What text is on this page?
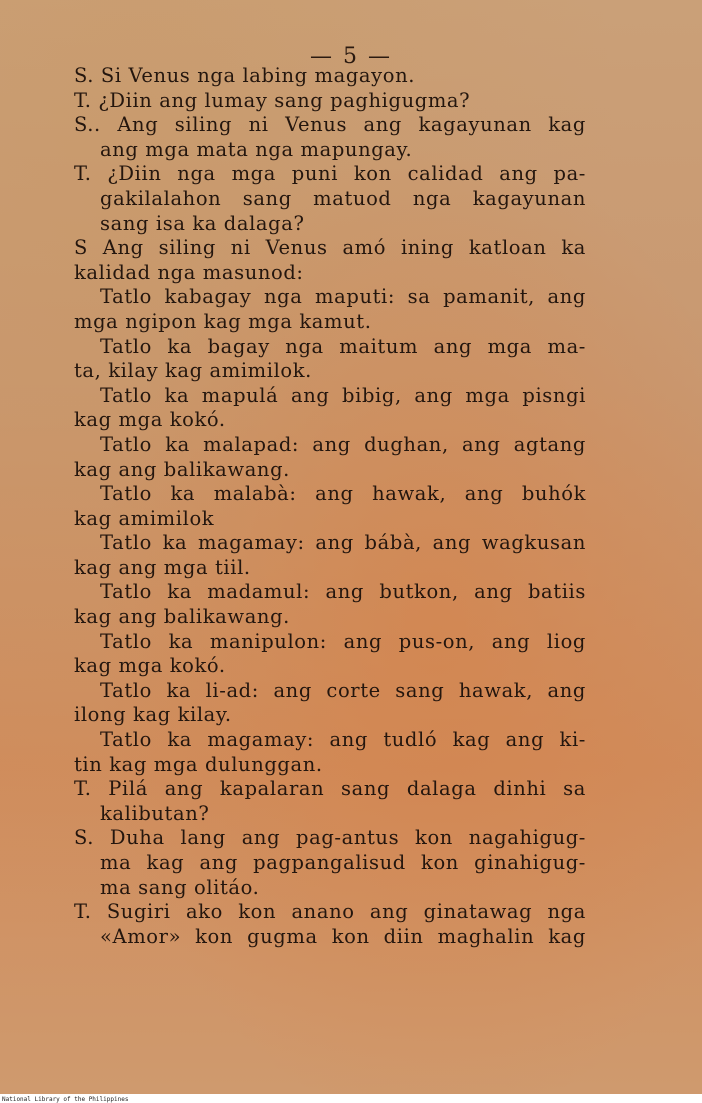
— 5 —
S. Si Venus nga labing magayon.
T. ¿Diin ang lumay sang paghigugma?
S.. Ang siling ni Venus ang kagayunan kag
ang mga mata nga mapungay.
T. ¿Diin nga mga puni kon calidad ang pa-
gakilalahon sang matuod nga kagayunan
sang isa ka dalaga?
S Ang siling ni Venus amó ining katloan ka
kalidad nga masunod:
Tatlo kabagay nga maputi: sa pamanit, ang
mga ngipon kag mga kamut.
Tatlo ka bagay nga maitum ang mga ma-
ta, kilay kag amimilok.
Tatlo ka mapulá ang bibig, ang mga pisngi
kag mga kokó.
Tatlo ka malapad: ang dughan, ang agtang
kag ang balikawang.
Tatlo ka malabà: ang hawak, ang buhók
kag amimilok
Tatlo ka magamay: ang bábà, ang wagkusan
kag ang mga tiil.
Tatlo ka madamul: ang butkon, ang batiis
kag ang balikawang.
Tatlo ka manipulon: ang pus-on, ang liog
kag mga kokó.
Tatlo ka li-ad: ang corte sang hawak, ang
ilong kag kilay.
Tatlo ka magamay: ang tudló kag ang ki-
tin kag mga dulunggan.
T. Pilá ang kapalaran sang dalaga dinhi sa
kalibutan?
S. Duha lang ang pag-antus kon nagahigug-
ma kag ang pagpangalisud kon ginahigug-
ma sang olitáo.
T. Sugiri ako kon anano ang ginatawag nga
«Amor» kon gugma kon diin maghalin kag
National Library of the Philippines
